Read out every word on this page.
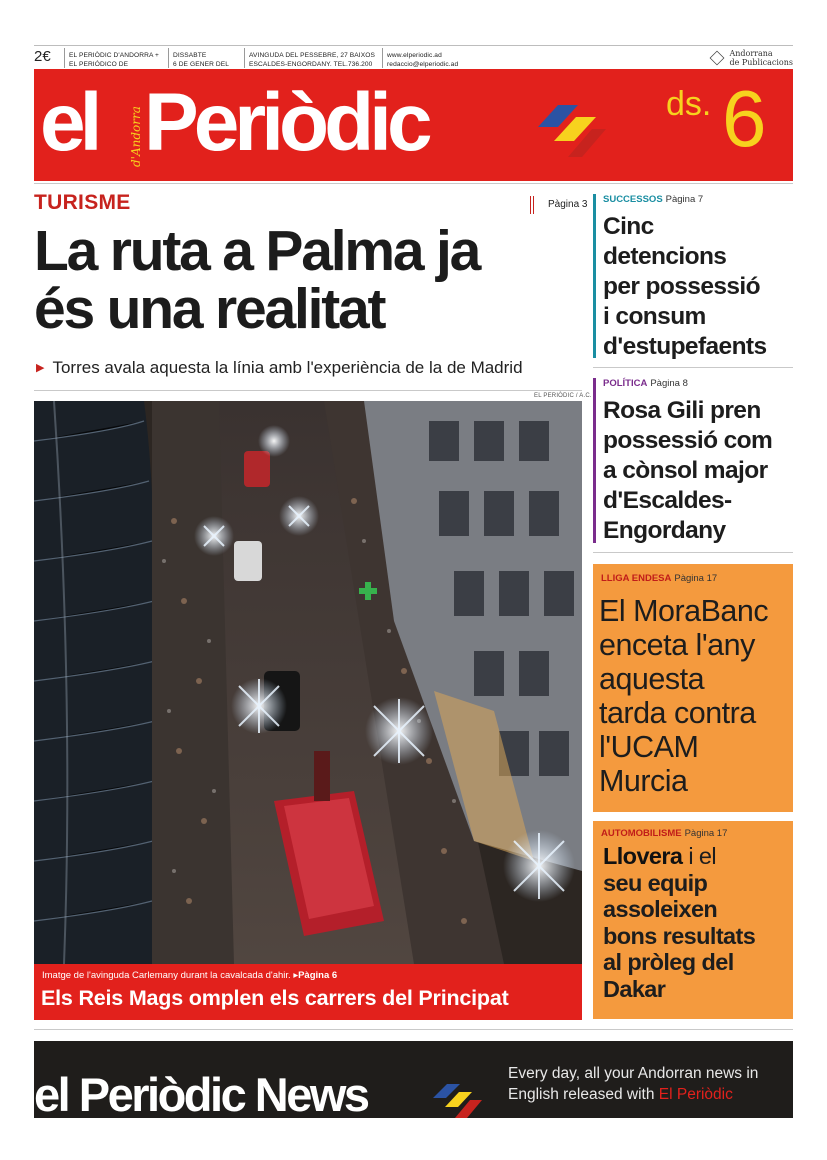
2€	EL PERIÒDIC D'ANDORRA +
EL PERIÓDICO DE
DISSABTE
6 DE GENER DEL
AVINGUDA DEL PESSEBRE, 27 BAIXOS
ESCALDES-ENGORDANY. TEL.736.200
www.elperiodic.ad
redaccio@elperiodic.ad
Andorrana
de Publicacions
el	d'Andorra Periòdic	ds. 6
TURISME	Pàgina 3
La ruta a Palma ja
és una realitat
▶ Torres avala aquesta la línia amb l'experiència de la de Madrid
EL PERIÒDIC / A.C.
Imatge de l'avinguda Carlemany durant la cavalcada d'ahir. ▸Pàgina 6
Els Reis Mags omplen els carrers del Principat
SUCCESSOS Pàgina 7
Cinc
detencions
per possessió
i consum
d'estupefaents
POLÍTICA Pàgina 8
Rosa Gili pren
possessió com
a cònsol major
d'Escaldes-
Engordany
LLIGA ENDESA Pàgina 17
El MoraBanc
enceta l'any
aquesta
tarda contra
l'UCAM
Murcia
AUTOMOBILISME Pàgina 17
Llovera i el
seu equip
assoleixen
bons resultats
al pròleg del
Dakar
el Periòdic News	Every day, all your Andorran news in
English released with El Periòdic
